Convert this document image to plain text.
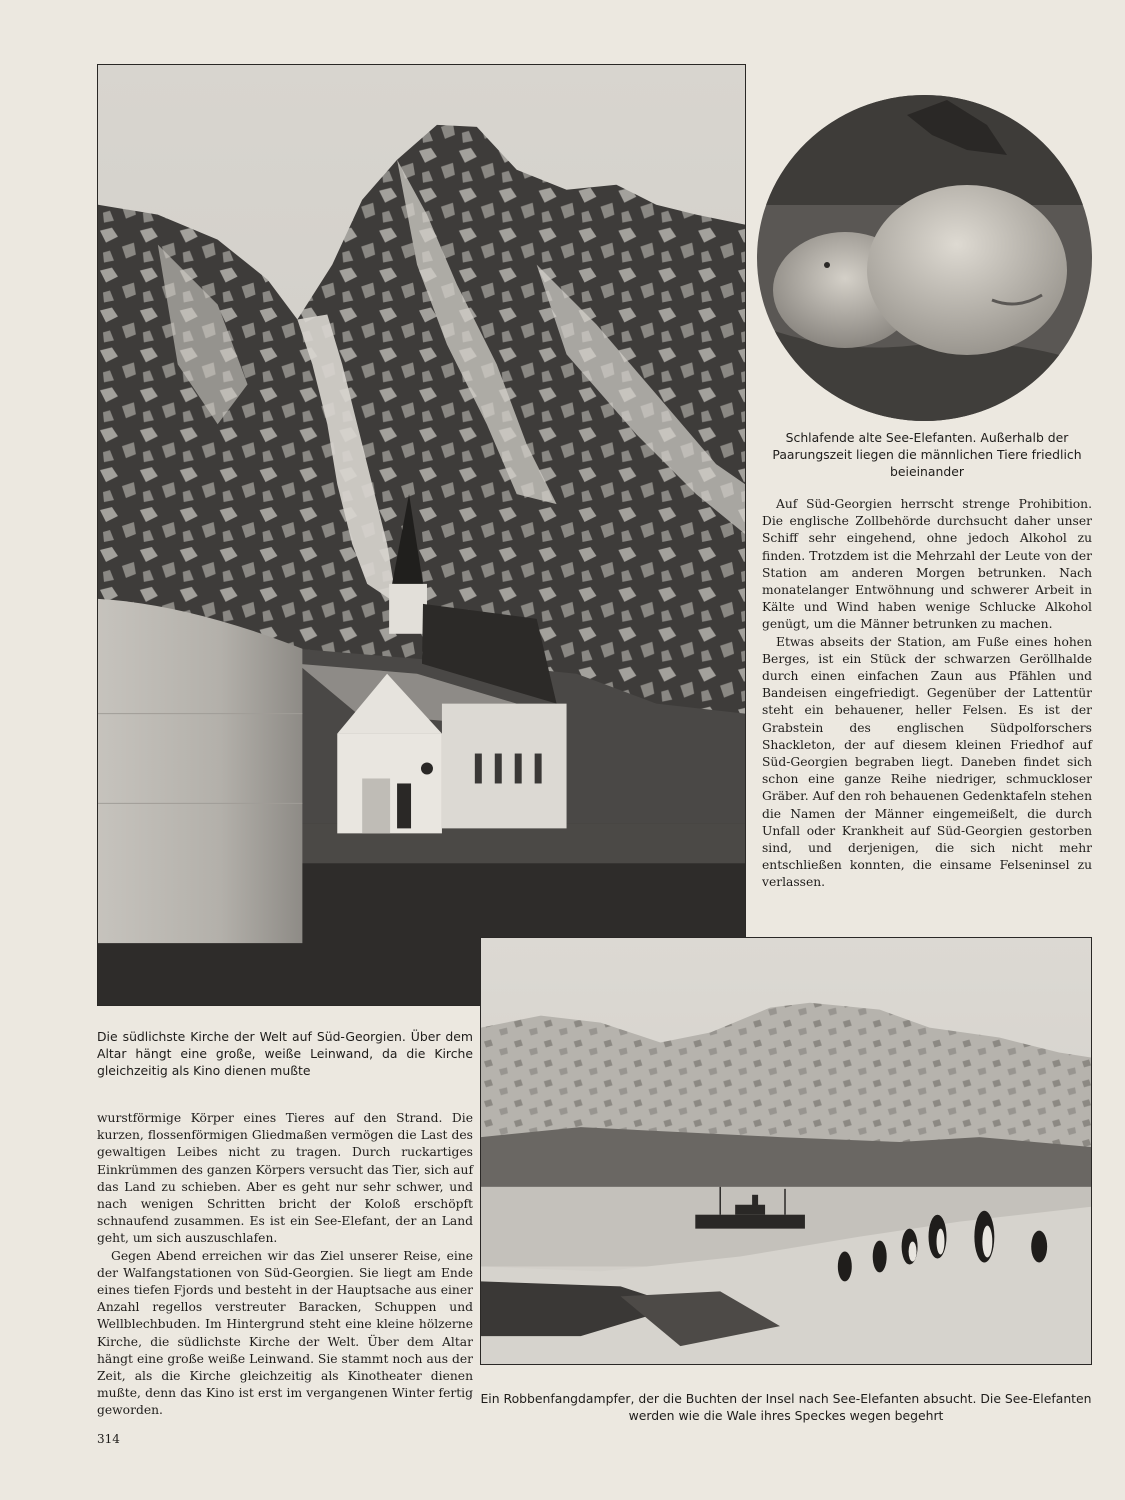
Schlafende alte See-Elefanten. Außerhalb der Paarungszeit liegen die männlichen Tiere friedlich beieinander

Auf Süd-Georgien herrscht strenge Prohibition. Die englische Zollbehörde durchsucht daher unser Schiff sehr eingehend, ohne jedoch Alkohol zu finden. Trotzdem ist die Mehrzahl der Leute von der Station am anderen Morgen betrunken. Nach monatelanger Entwöhnung und schwerer Arbeit in Kälte und Wind haben wenige Schlucke Alkohol genügt, um die Männer betrunken zu machen.

Etwas abseits der Station, am Fuße eines hohen Berges, ist ein Stück der schwarzen Geröllhalde durch einen einfachen Zaun aus Pfählen und Bandeisen eingefriedigt. Gegenüber der Lattentür steht ein behauener, heller Felsen. Es ist der Grabstein des englischen Südpolforschers Shackleton, der auf diesem kleinen Friedhof auf Süd-Georgien begraben liegt. Daneben findet sich schon eine ganze Reihe niedriger, schmuckloser Gräber. Auf den roh behauenen Gedenktafeln stehen die Namen der Männer eingemeißelt, die durch Unfall oder Krankheit auf Süd-Georgien gestorben sind, und derjenigen, die sich nicht mehr entschließen konnten, die einsame Felseninsel zu verlassen.

Die südlichste Kirche der Welt auf Süd-Georgien. Über dem Altar hängt eine große, weiße Leinwand, da die Kirche gleichzeitig als Kino dienen mußte

wurstförmige Körper eines Tieres auf den Strand. Die kurzen, flossenförmigen Gliedmaßen vermögen die Last des gewaltigen Leibes nicht zu tragen. Durch ruckartiges Einkrümmen des ganzen Körpers versucht das Tier, sich auf das Land zu schieben. Aber es geht nur sehr schwer, und nach wenigen Schritten bricht der Koloß erschöpft schnaufend zusammen. Es ist ein See-Elefant, der an Land geht, um sich auszuschlafen.

Gegen Abend erreichen wir das Ziel unserer Reise, eine der Walfangstationen von Süd-Georgien. Sie liegt am Ende eines tiefen Fjords und besteht in der Hauptsache aus einer Anzahl regellos verstreuter Baracken, Schuppen und Wellblechbuden. Im Hintergrund steht eine kleine hölzerne Kirche, die südlichste Kirche der Welt. Über dem Altar hängt eine große weiße Leinwand. Sie stammt noch aus der Zeit, als die Kirche gleichzeitig als Kinotheater dienen mußte, denn das Kino ist erst im vergangenen Winter fertig geworden.

Ein Robbenfangdampfer, der die Buchten der Insel nach See-Elefanten absucht. Die See-Elefanten werden wie die Wale ihres Speckes wegen begehrt

314
